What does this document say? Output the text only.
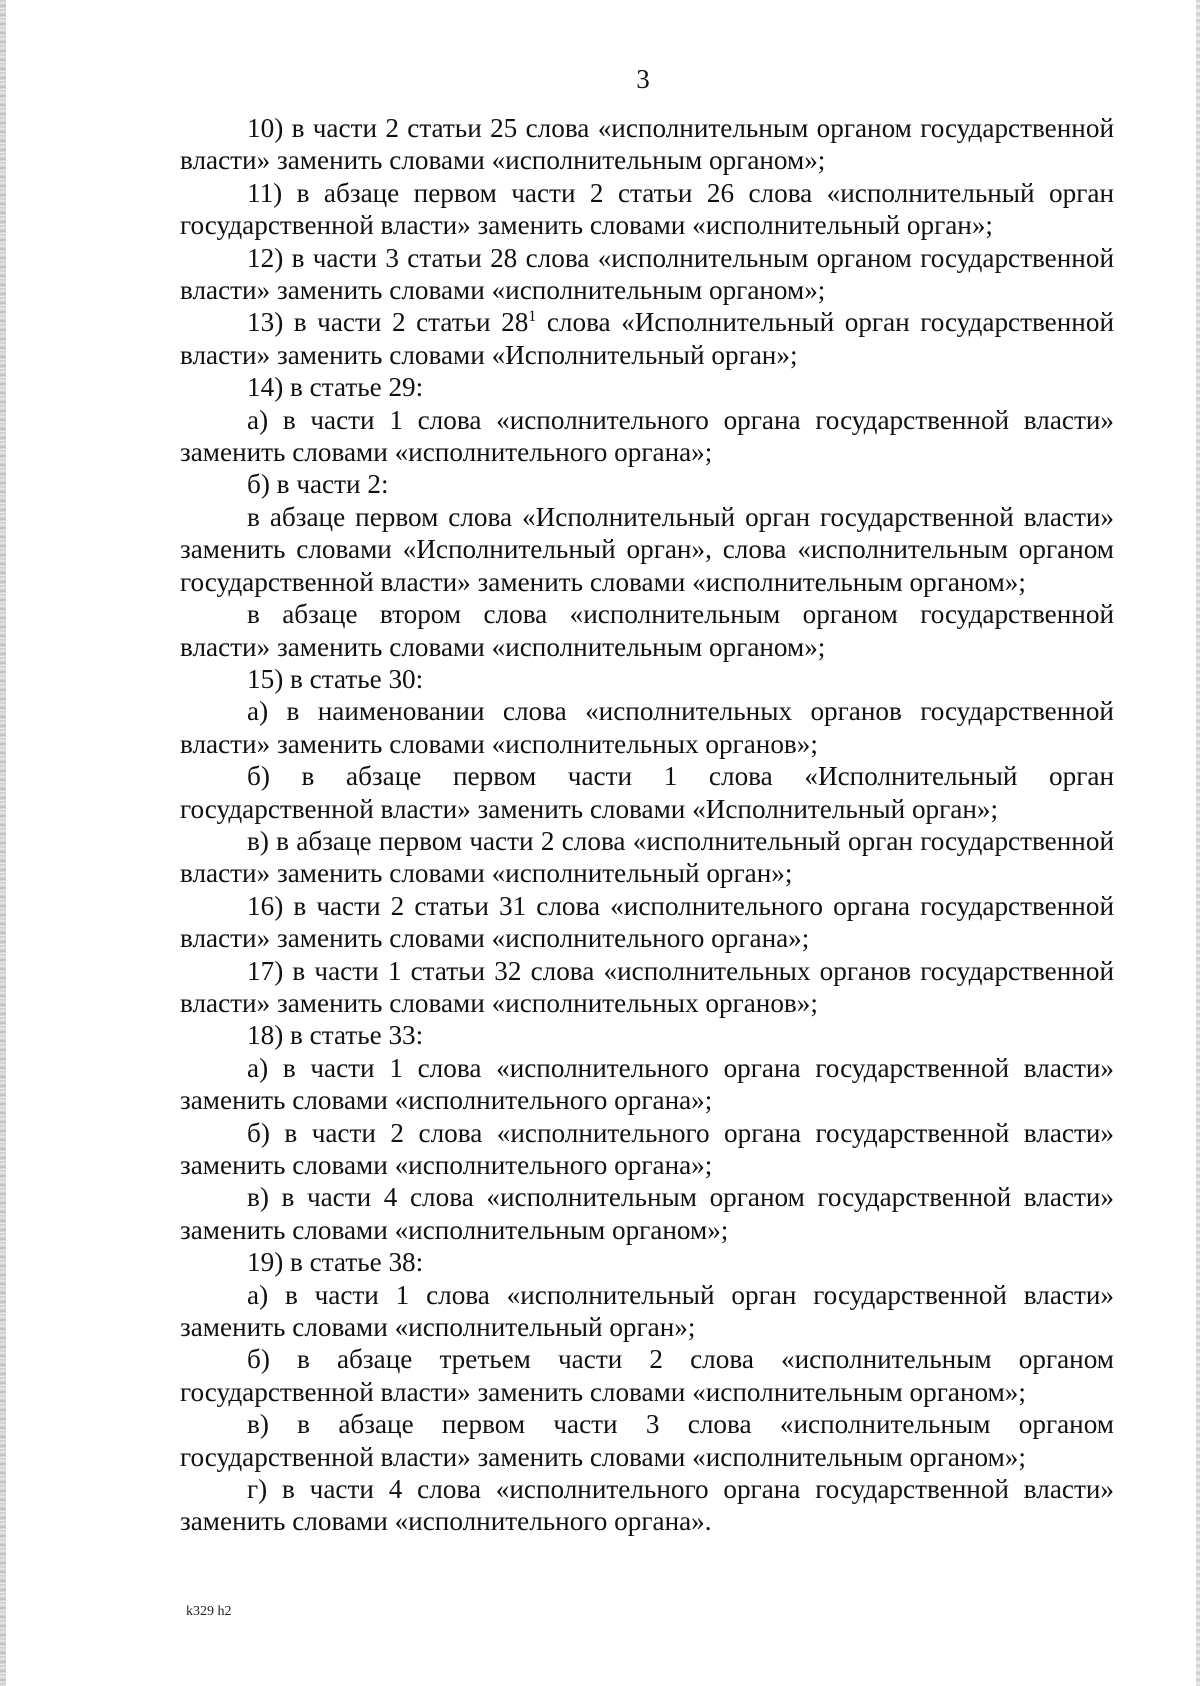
3

10) в части 2 статьи 25 слова «исполнительным органом государственной власти» заменить словами «исполнительным органом»;

11) в абзаце первом части 2 статьи 26 слова «исполнительный орган государственной власти» заменить словами «исполнительный орган»;

12) в части 3 статьи 28 слова «исполнительным органом государственной власти» заменить словами «исполнительным органом»;

13) в части 2 статьи $28^1$ слова «Исполнительный орган государственной власти» заменить словами «Исполнительный орган»;

14) в статье 29:

а) в части 1 слова «исполнительного органа государственной власти» заменить словами «исполнительного органа»;

б) в части 2:

в абзаце первом слова «Исполнительный орган государственной власти» заменить словами «Исполнительный орган», слова «исполнительным органом государственной власти» заменить словами «исполнительным органом»;

в абзаце втором слова «исполнительным органом государственной власти» заменить словами «исполнительным органом»;

15) в статье 30:

а) в наименовании слова «исполнительных органов государственной власти» заменить словами «исполнительных органов»;

б) в абзаце первом части 1 слова «Исполнительный орган государственной власти» заменить словами «Исполнительный орган»;

в) в абзаце первом части 2 слова «исполнительный орган государственной власти» заменить словами «исполнительный орган»;

16) в части 2 статьи 31 слова «исполнительного органа государственной власти» заменить словами «исполнительного органа»;

17) в части 1 статьи 32 слова «исполнительных органов государственной власти» заменить словами «исполнительных органов»;

18) в статье 33:

а) в части 1 слова «исполнительного органа государственной власти» заменить словами «исполнительного органа»;

б) в части 2 слова «исполнительного органа государственной власти» заменить словами «исполнительного органа»;

в) в части 4 слова «исполнительным органом государственной власти» заменить словами «исполнительным органом»;

19) в статье 38:

а) в части 1 слова «исполнительный орган государственной власти» заменить словами «исполнительный орган»;

б) в абзаце третьем части 2 слова «исполнительным органом государственной власти» заменить словами «исполнительным органом»;

в) в абзаце первом части 3 слова «исполнительным органом государственной власти» заменить словами «исполнительным органом»;

г) в части 4 слова «исполнительного органа государственной власти» заменить словами «исполнительного органа».

k329 h2
